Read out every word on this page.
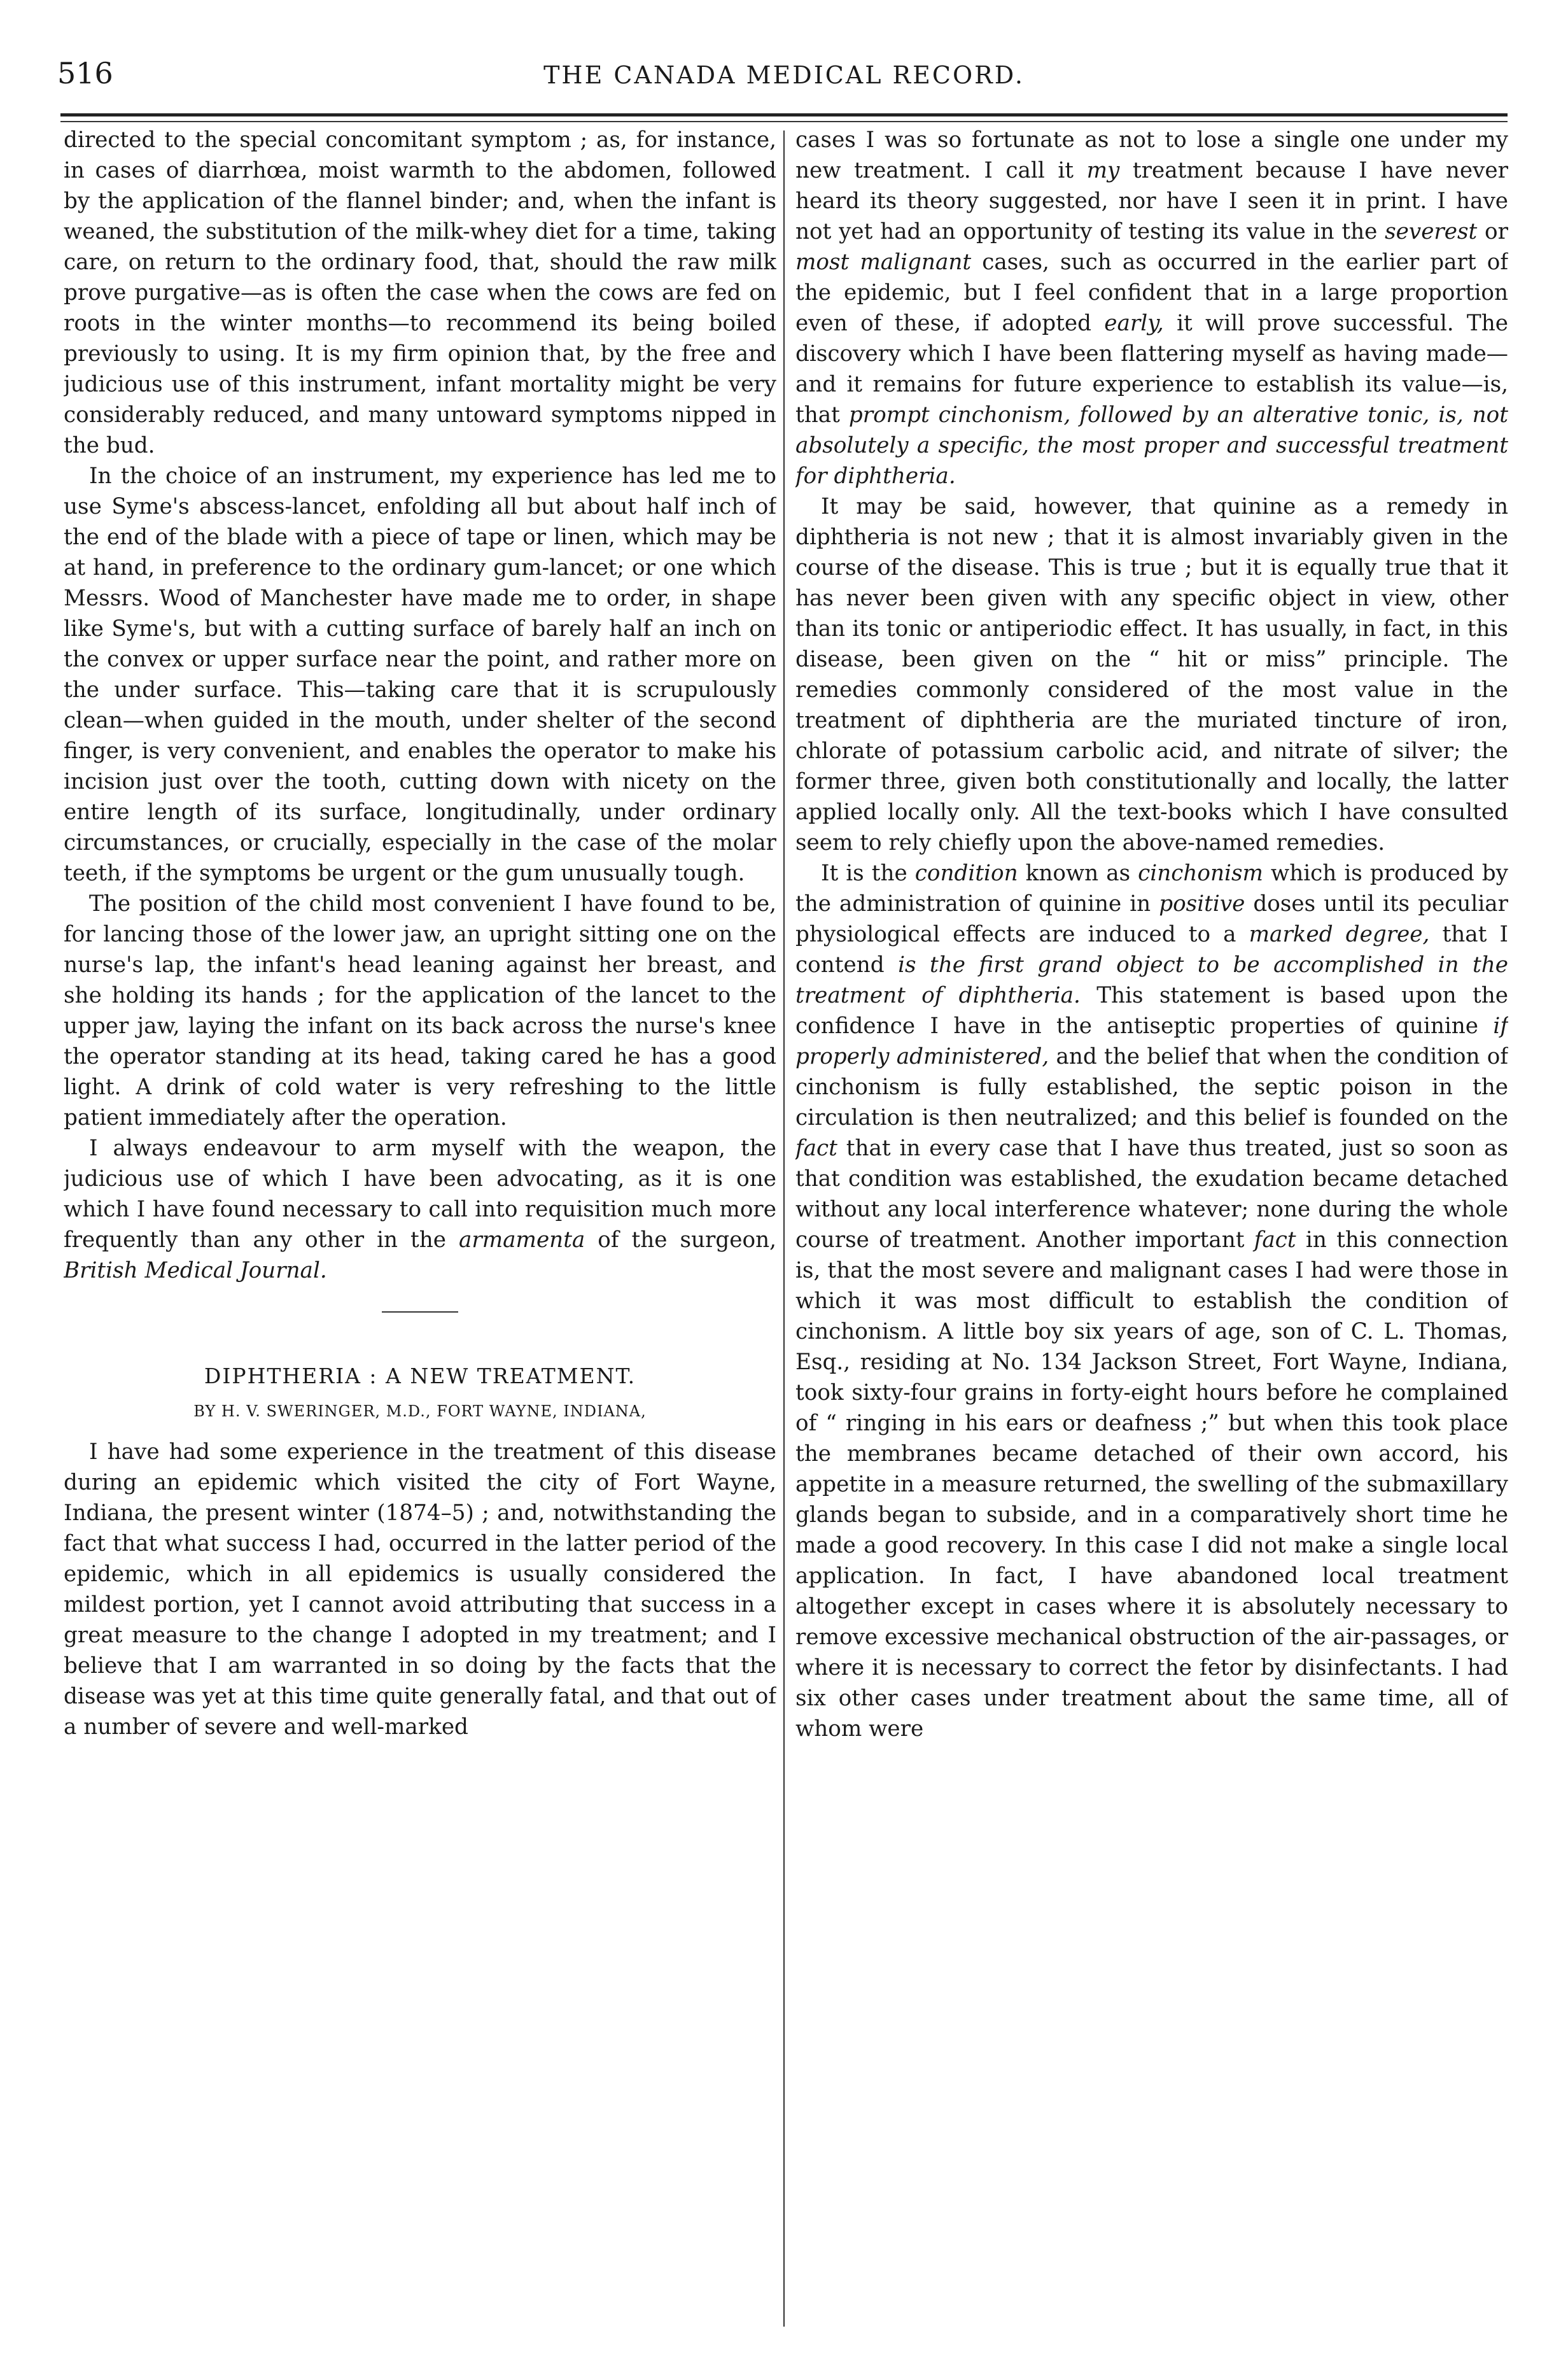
516	THE CANADA MEDICAL RECORD.

directed to the special concomitant symptom ; as, for instance, in cases of diarrhœa, moist warmth to the abdomen, followed by the application of the flannel binder; and, when the infant is weaned, the substitution of the milk-whey diet for a time, taking care, on return to the ordinary food, that, should the raw milk prove purgative—as is often the case when the cows are fed on roots in the winter months—to recommend its being boiled previously to using. It is my firm opinion that, by the free and judicious use of this instrument, infant mortality might be very considerably reduced, and many untoward symptoms nipped in the bud.

In the choice of an instrument, my experience has led me to use Syme's abscess-lancet, enfolding all but about half inch of the end of the blade with a piece of tape or linen, which may be at hand, in preference to the ordinary gum-lancet; or one which Messrs. Wood of Manchester have made me to order, in shape like Syme's, but with a cutting surface of barely half an inch on the convex or upper surface near the point, and rather more on the under surface. This—taking care that it is scrupulously clean—when guided in the mouth, under shelter of the second finger, is very convenient, and enables the operator to make his incision just over the tooth, cutting down with nicety on the entire length of its surface, longitudinally, under ordinary circumstances, or crucially, especially in the case of the molar teeth, if the symptoms be urgent or the gum unusually tough.

The position of the child most convenient I have found to be, for lancing those of the lower jaw, an upright sitting one on the nurse's lap, the infant's head leaning against her breast, and she holding its hands ; for the application of the lancet to the upper jaw, laying the infant on its back across the nurse's knee the operator standing at its head, taking cared he has a good light. A drink of cold water is very refreshing to the little patient immediately after the operation.

I always endeavour to arm myself with the weapon, the judicious use of which I have been advocating, as it is one which I have found necessary to call into requisition much more frequently than any other in the armamenta of the surgeon, British Medical Journal.

DIPHTHERIA : A NEW TREATMENT.
BY H. V. SWERINGER, M.D., FORT WAYNE, INDIANA,

I have had some experience in the treatment of this disease during an epidemic which visited the city of Fort Wayne, Indiana, the present winter (1874–5) ; and, notwithstanding the fact that what success I had, occurred in the latter period of the epidemic, which in all epidemics is usually considered the mildest portion, yet I cannot avoid attributing that success in a great measure to the change I adopted in my treatment; and I believe that I am warranted in so doing by the facts that the disease was yet at this time quite generally fatal, and that out of a number of severe and well-marked

cases I was so fortunate as not to lose a single one under my new treatment. I call it my treatment because I have never heard its theory suggested, nor have I seen it in print. I have not yet had an opportunity of testing its value in the severest or most malignant cases, such as occurred in the earlier part of the epidemic, but I feel confident that in a large proportion even of these, if adopted early, it will prove successful. The discovery which I have been flattering myself as having made—and it remains for future experience to establish its value—is, that prompt cinchonism, followed by an alterative tonic, is, not absolutely a specific, the most proper and successful treatment for diphtheria.

It may be said, however, that quinine as a remedy in diphtheria is not new ; that it is almost invariably given in the course of the disease. This is true ; but it is equally true that it has never been given with any specific object in view, other than its tonic or antiperiodic effect. It has usually, in fact, in this disease, been given on the “ hit or miss” principle. The remedies commonly considered of the most value in the treatment of diphtheria are the muriated tincture of iron, chlorate of potassium carbolic acid, and nitrate of silver; the former three, given both constitutionally and locally, the latter applied locally only. All the text-books which I have consulted seem to rely chiefly upon the above-named remedies.

It is the condition known as cinchonism which is produced by the administration of quinine in positive doses until its peculiar physiological effects are induced to a marked degree, that I contend is the first grand object to be accomplished in the treatment of diphtheria. This statement is based upon the confidence I have in the antiseptic properties of quinine if properly administered, and the belief that when the condition of cinchonism is fully established, the septic poison in the circulation is then neutralized; and this belief is founded on the fact that in every case that I have thus treated, just so soon as that condition was established, the exudation became detached without any local interference whatever; none during the whole course of treatment. Another important fact in this connection is, that the most severe and malignant cases I had were those in which it was most difficult to establish the condition of cinchonism. A little boy six years of age, son of C. L. Thomas, Esq., residing at No. 134 Jackson Street, Fort Wayne, Indiana, took sixty-four grains in forty-eight hours before he complained of “ ringing in his ears or deafness ;” but when this took place the membranes became detached of their own accord, his appetite in a measure returned, the swelling of the submaxillary glands began to subside, and in a comparatively short time he made a good recovery. In this case I did not make a single local application. In fact, I have abandoned local treatment altogether except in cases where it is absolutely necessary to remove excessive mechanical obstruction of the air-passages, or where it is necessary to correct the fetor by disinfectants. I had six other cases under treatment about the same time, all of whom were
